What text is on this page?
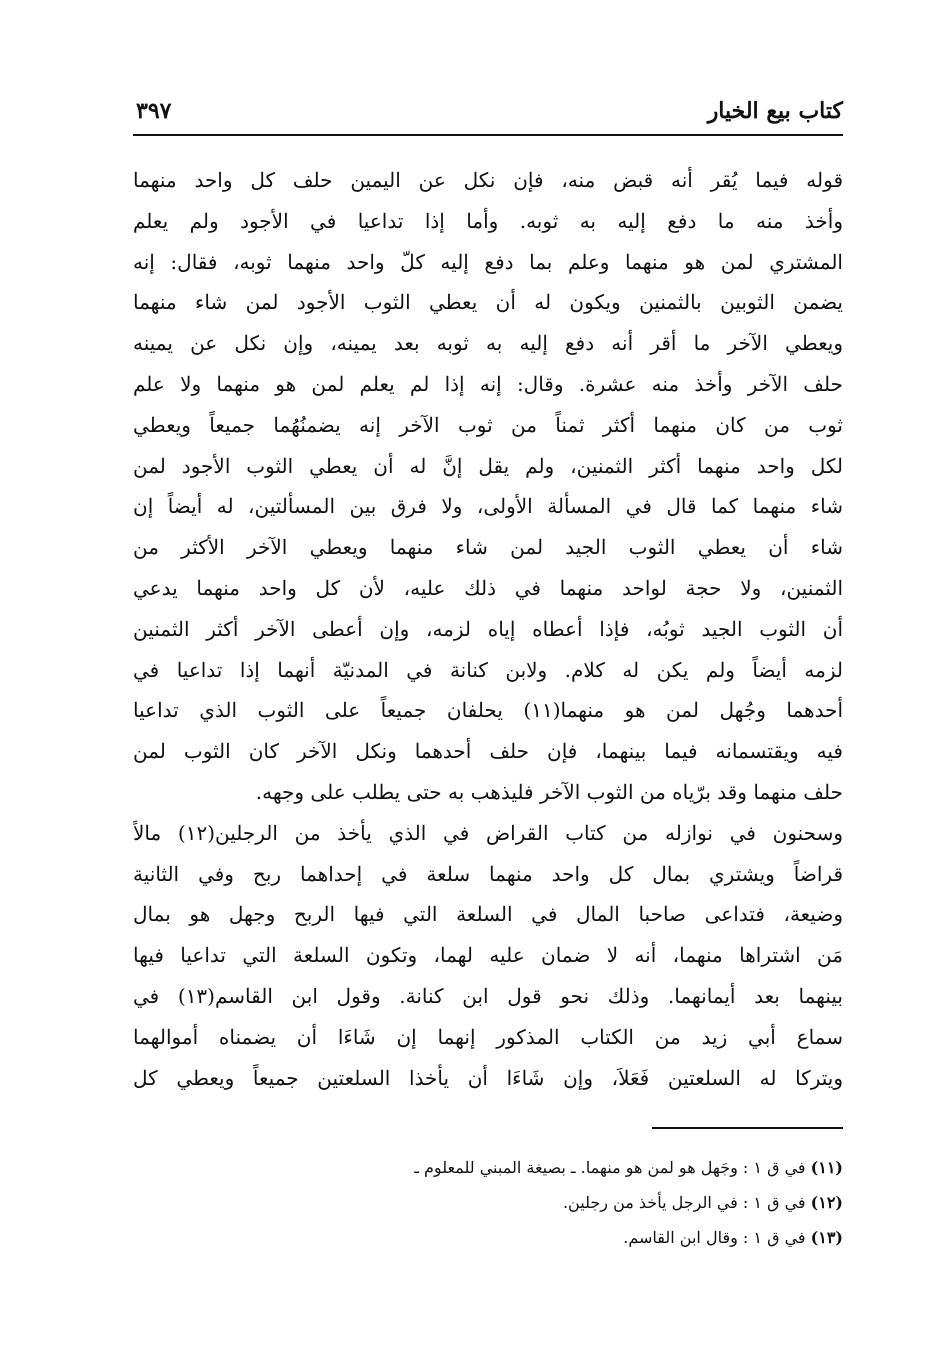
كتاب بيع الخيار
٣٩٧
قوله فيما يُقر أنه قبض منه، فإن نكل عن اليمين حلف كل واحد منهما
وأخذ منه ما دفع إليه به ثوبه. وأما إذا تداعيا في الأجود ولم يعلم
المشتري لمن هو منهما وعلم بما دفع إليه كلّ واحد منهما ثوبه، فقال: إنه
يضمن الثوبين بالثمنين ويكون له أن يعطي الثوب الأجود لمن شاء منهما
ويعطي الآخر ما أقر أنه دفع إليه به ثوبه بعد يمينه، وإن نكل عن يمينه
حلف الآخر وأخذ منه عشرة. وقال: إنه إذا لم يعلم لمن هو منهما ولا علم
ثوب من كان منهما أكثر ثمناً من ثوب الآخر إنه يضمنُهُما جميعاً ويعطي
لكل واحد منهما أكثر الثمنين، ولم يقل إنَّ له أن يعطي الثوب الأجود لمن
شاء منهما كما قال في المسألة الأولى، ولا فرق بين المسألتين، له أيضاً إن
شاء أن يعطي الثوب الجيد لمن شاء منهما ويعطي الآخر الأكثر من
الثمنين، ولا حجة لواحد منهما في ذلك عليه، لأن كل واحد منهما يدعي
أن الثوب الجيد ثوبُه، فإذا أعطاه إياه لزمه، وإن أعطى الآخر أكثر الثمنين
لزمه أيضاً ولم يكن له كلام. ولابن كنانة في المدنيّة أنهما إذا تداعيا في
أحدهما وجُهل لمن هو منهما(١١) يحلفان جميعاً على الثوب الذي تداعيا
فيه ويقتسمانه فيما بينهما، فإن حلف أحدهما ونكل الآخر كان الثوب لمن
حلف منهما وقد برّياه من الثوب الآخر فليذهب به حتى يطلب على وجهه.
وسحنون في نوازله من كتاب القراض في الذي يأخذ من الرجلين(١٢) مالاً
قراضاً ويشتري بمال كل واحد منهما سلعة في إحداهما ربح وفي الثانية
وضيعة، فتداعى صاحبا المال في السلعة التي فيها الربح وجهل هو بمال
مَن اشتراها منهما، أنه لا ضمان عليه لهما، وتكون السلعة التي تداعيا فيها
بينهما بعد أيمانهما. وذلك نحو قول ابن كنانة. وقول ابن القاسم(١٣) في
سماع أبي زيد من الكتاب المذكور إنهما إن شَاءَا أن يضمناه أموالهما
ويتركا له السلعتين فَعَلاَ، وإن شَاءَا أن يأخذا السلعتين جميعاً ويعطي كل
(١١) في ق ١ : وجَهل هو لمن هو منهما. ـ بصيغة المبني للمعلوم ـ
(١٢) في ق ١ : في الرجل يأخذ من رجلين.
(١٣) في ق ١ : وقال ابن القاسم.
